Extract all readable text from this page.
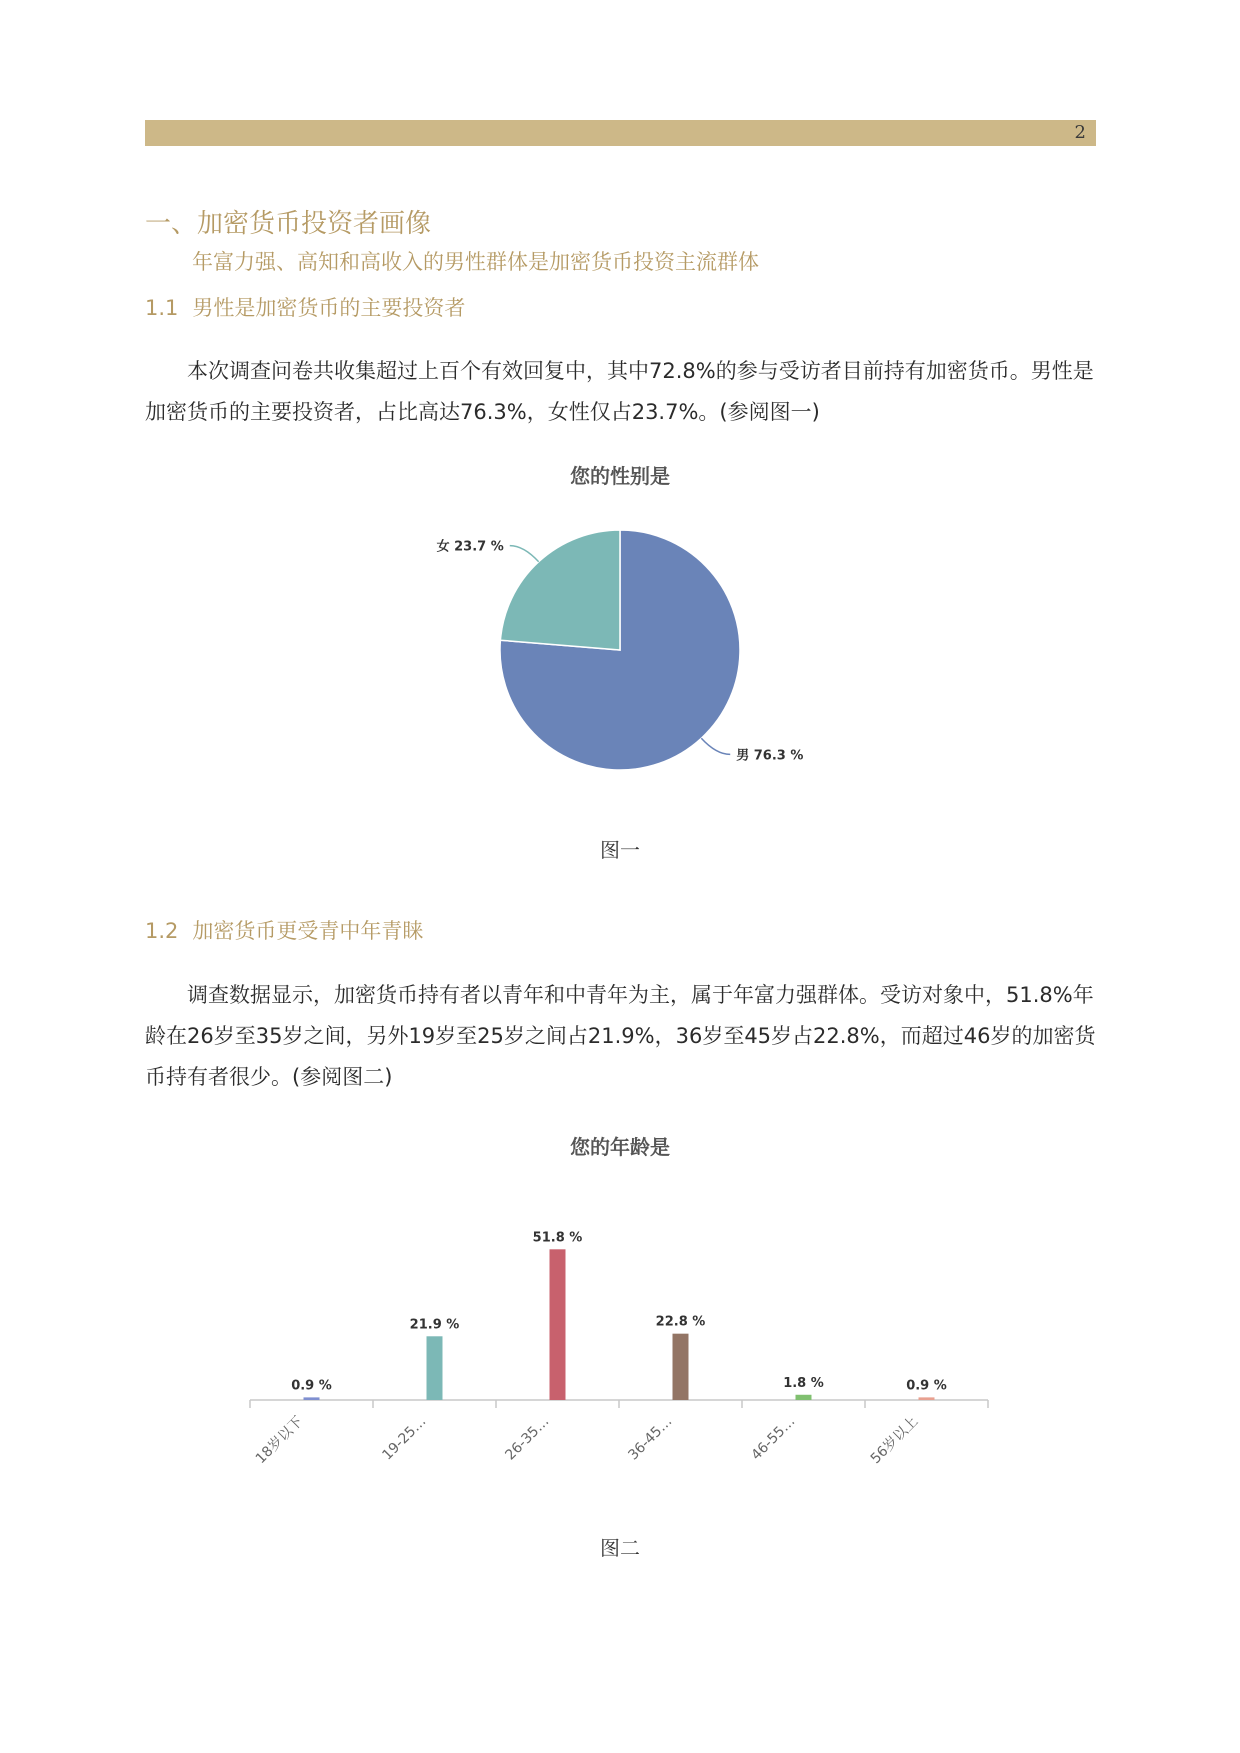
2
一、加密货币投资者画像
年富力强、高知和高收入的男性群体是加密货币投资主流群体
1.1 男性是加密货币的主要投资者

本次调查问卷共收集超过上百个有效回复中，其中72.8%的参与受访者目前持有加密货币。男性是加密货币的主要投资者，占比高达76.3%，女性仅占23.7%。(参阅图一)

您的性别是
男 76.3 %
女 23.7 %
图一
1.2 加密货币更受青中年青睐

调查数据显示，加密货币持有者以青年和中青年为主，属于年富力强群体。受访对象中，51.8%年龄在26岁至35岁之间，另外19岁至25岁之间占21.9%，36岁至45岁占22.8%，而超过46岁的加密货币持有者很少。(参阅图二)

您的年龄是
0.9 %
18岁以下
21.9 %
19-25…
51.8 %
26-35…
22.8 %
36-45…
1.8 %
46-55…
0.9 %
56岁以上
图二
